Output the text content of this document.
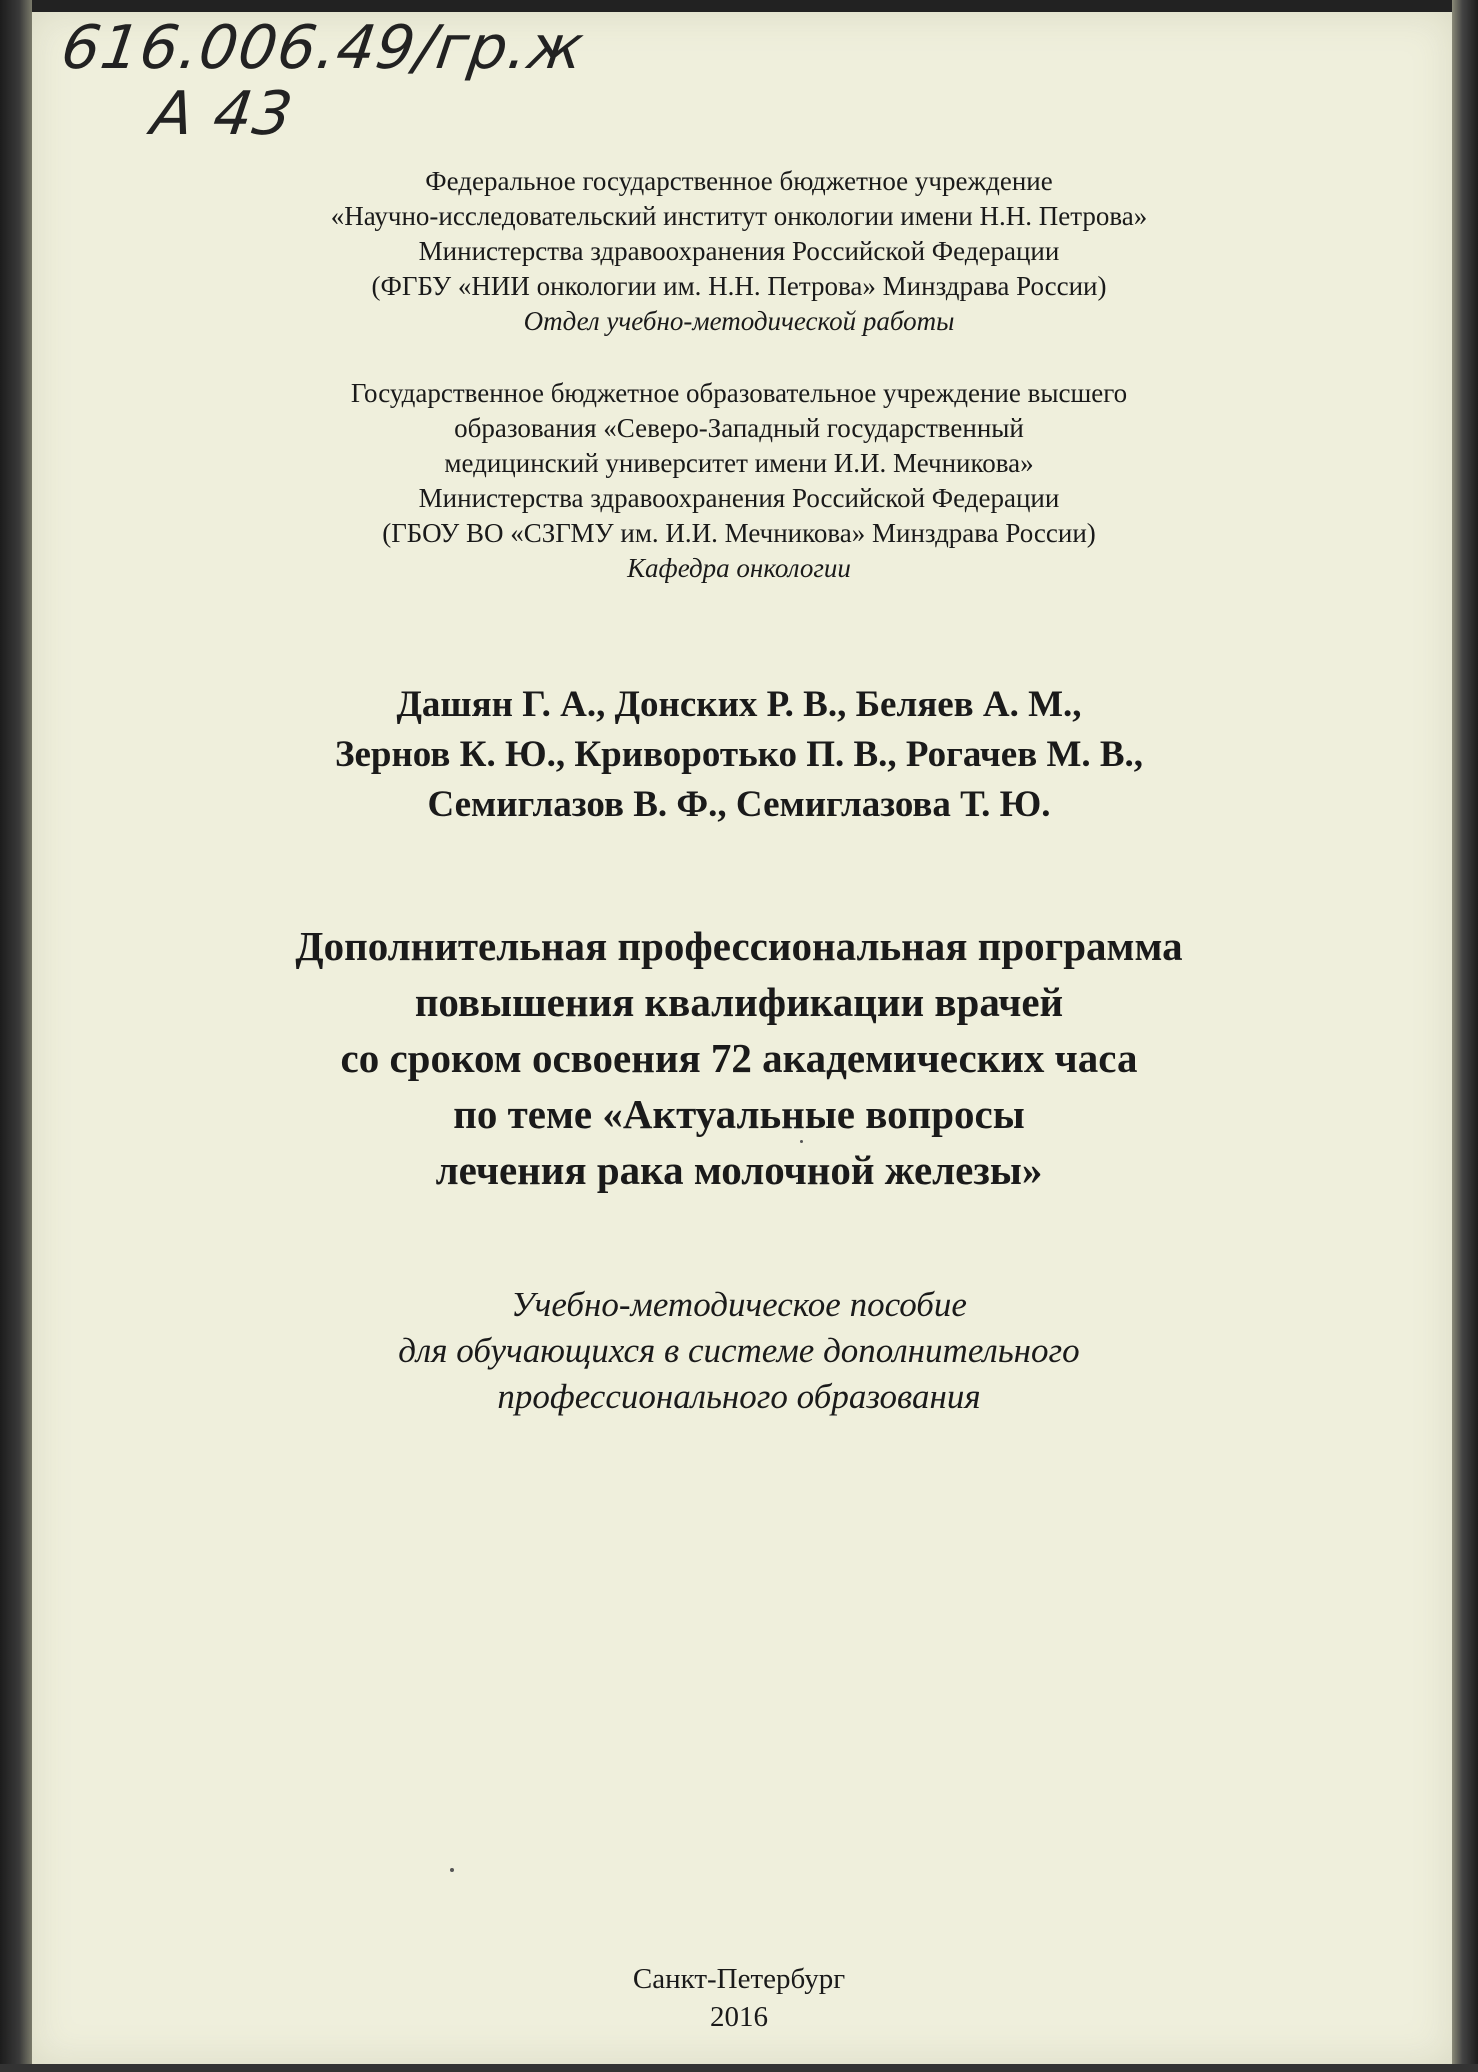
616.006.49/гр.ж
А 43
Федеральное государственное бюджетное учреждение
«Научно-исследовательский институт онкологии имени Н.Н. Петрова»
Министерства здравоохранения Российской Федерации
(ФГБУ «НИИ онкологии им. Н.Н. Петрова» Минздрава России)
Отдел учебно-методической работы
Государственное бюджетное образовательное учреждение высшего
образования «Северо-Западный государственный
медицинский университет имени И.И. Мечникова»
Министерства здравоохранения Российской Федерации
(ГБОУ ВО «СЗГМУ им. И.И. Мечникова» Минздрава России)
Кафедра онкологии
Дашян Г. А., Донских Р. В., Беляев А. М.,
Зернов К. Ю., Криворотько П. В., Рогачев М. В.,
Семиглазов В. Ф., Семиглазова Т. Ю.
Дополнительная профессиональная программа
повышения квалификации врачей
со сроком освоения 72 академических часа
по теме «Актуальные вопросы
лечения рака молочной железы»
Учебно-методическое пособие
для обучающихся в системе дополнительного
профессионального образования
Санкт-Петербург
2016
